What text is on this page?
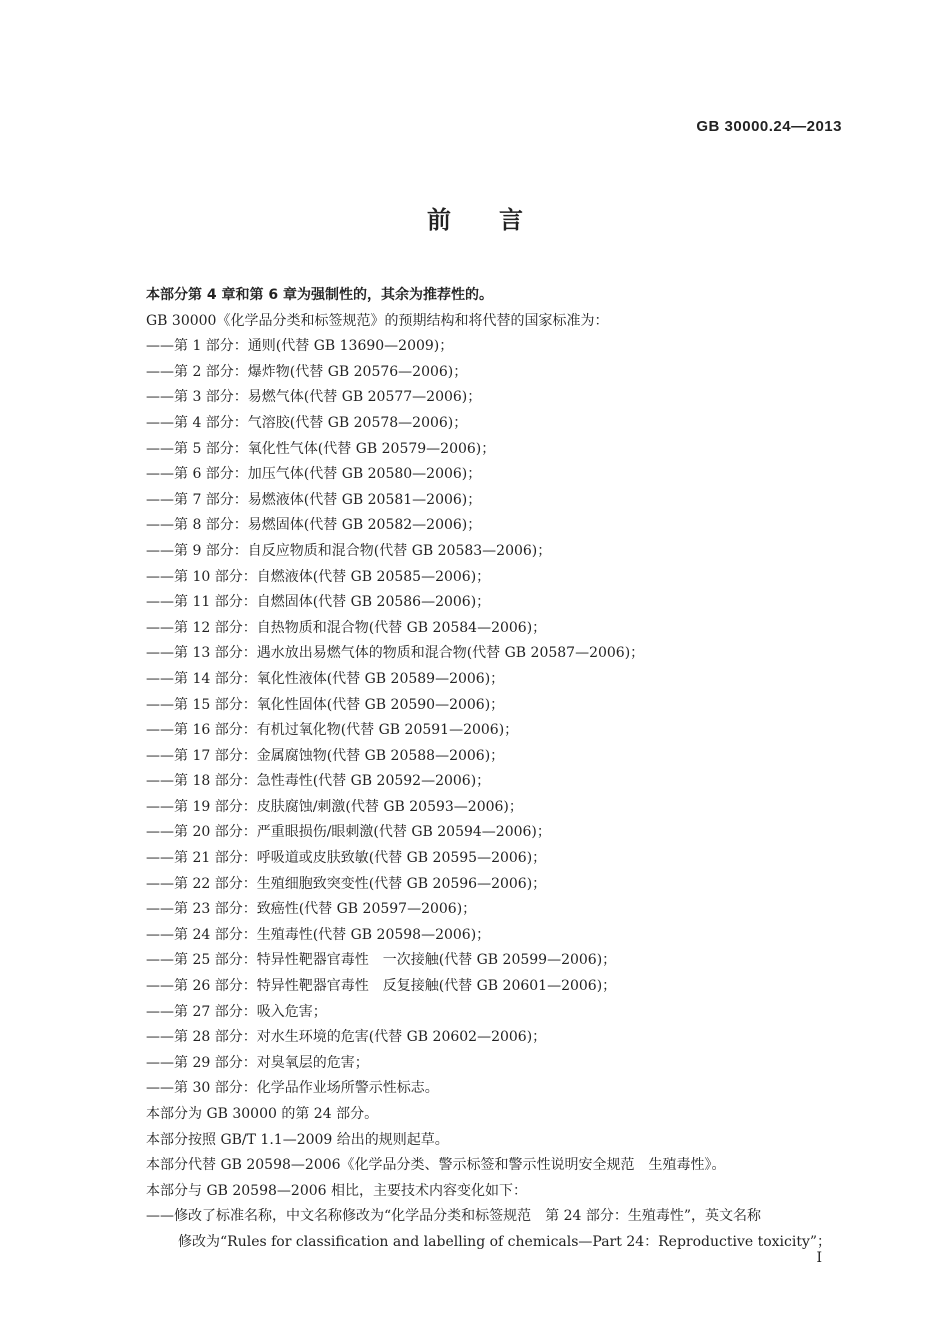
GB 30000.24—2013
前言
本部分第 4 章和第 6 章为强制性的，其余为推荐性的。
GB 30000《化学品分类和标签规范》的预期结构和将代替的国家标准为：
——第 1 部分：通则(代替 GB 13690—2009)；
——第 2 部分：爆炸物(代替 GB 20576—2006)；
——第 3 部分：易燃气体(代替 GB 20577—2006)；
——第 4 部分：气溶胶(代替 GB 20578—2006)；
——第 5 部分：氧化性气体(代替 GB 20579—2006)；
——第 6 部分：加压气体(代替 GB 20580—2006)；
——第 7 部分：易燃液体(代替 GB 20581—2006)；
——第 8 部分：易燃固体(代替 GB 20582—2006)；
——第 9 部分：自反应物质和混合物(代替 GB 20583—2006)；
——第 10 部分：自燃液体(代替 GB 20585—2006)；
——第 11 部分：自燃固体(代替 GB 20586—2006)；
——第 12 部分：自热物质和混合物(代替 GB 20584—2006)；
——第 13 部分：遇水放出易燃气体的物质和混合物(代替 GB 20587—2006)；
——第 14 部分：氧化性液体(代替 GB 20589—2006)；
——第 15 部分：氧化性固体(代替 GB 20590—2006)；
——第 16 部分：有机过氧化物(代替 GB 20591—2006)；
——第 17 部分：金属腐蚀物(代替 GB 20588—2006)；
——第 18 部分：急性毒性(代替 GB 20592—2006)；
——第 19 部分：皮肤腐蚀/刺激(代替 GB 20593—2006)；
——第 20 部分：严重眼损伤/眼刺激(代替 GB 20594—2006)；
——第 21 部分：呼吸道或皮肤致敏(代替 GB 20595—2006)；
——第 22 部分：生殖细胞致突变性(代替 GB 20596—2006)；
——第 23 部分：致癌性(代替 GB 20597—2006)；
——第 24 部分：生殖毒性(代替 GB 20598—2006)；
——第 25 部分：特异性靶器官毒性　一次接触(代替 GB 20599—2006)；
——第 26 部分：特异性靶器官毒性　反复接触(代替 GB 20601—2006)；
——第 27 部分：吸入危害；
——第 28 部分：对水生环境的危害(代替 GB 20602—2006)；
——第 29 部分：对臭氧层的危害；
——第 30 部分：化学品作业场所警示性标志。
本部分为 GB 30000 的第 24 部分。
本部分按照 GB/T 1.1—2009 给出的规则起草。
本部分代替 GB 20598—2006《化学品分类、警示标签和警示性说明安全规范　生殖毒性》。
本部分与 GB 20598—2006 相比，主要技术内容变化如下：
——修改了标准名称，中文名称修改为“化学品分类和标签规范　第 24 部分：生殖毒性”，英文名称
修改为“Rules for classification and labelling of chemicals—Part 24：Reproductive toxicity”；
I
